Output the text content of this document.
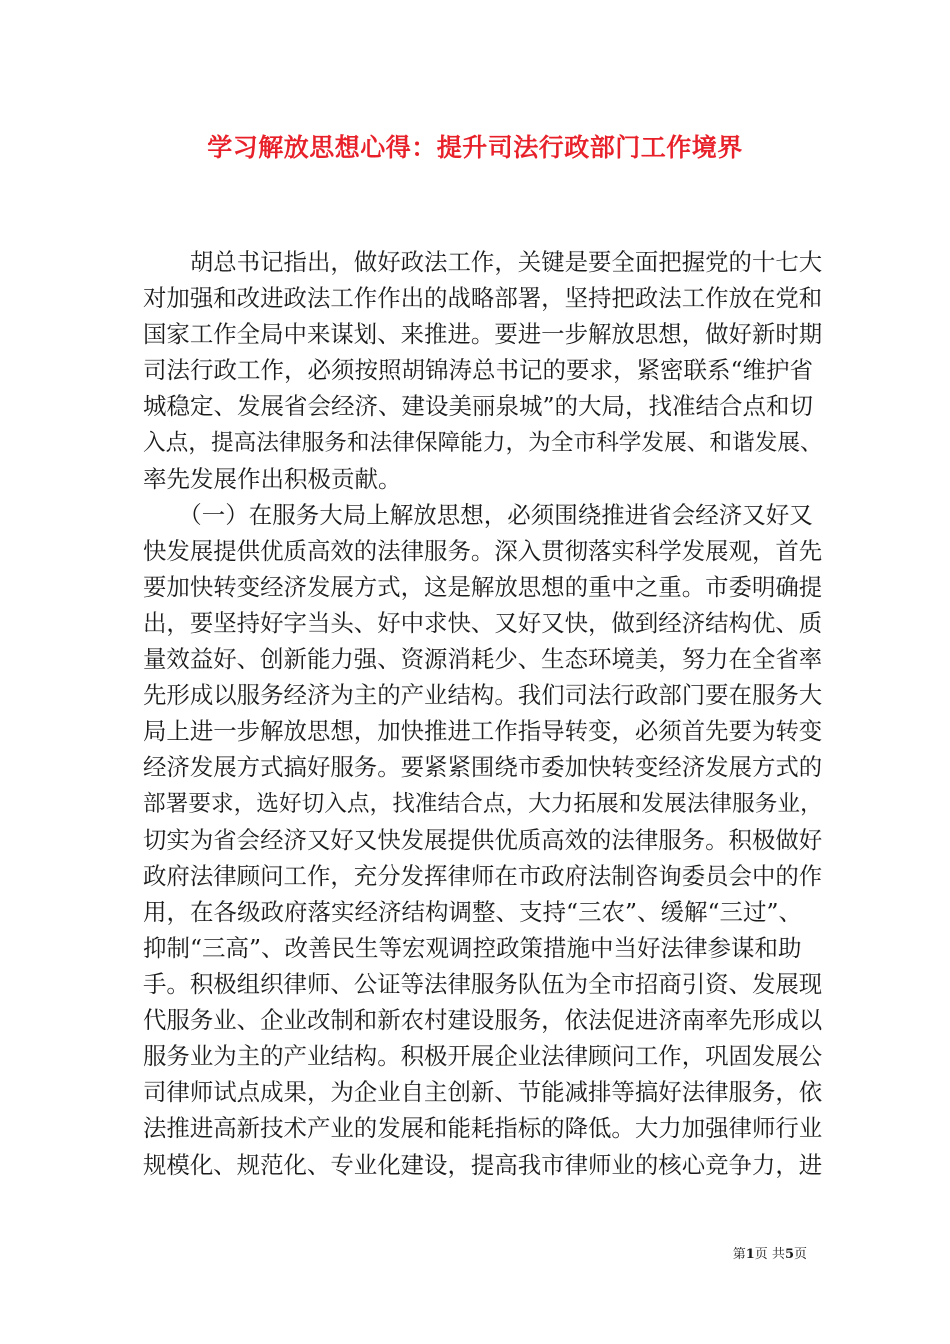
学习解放思想心得：提升司法行政部门工作境界
　　胡总书记指出，做好政法工作，关键是要全面把握党的十七大
对加强和改进政法工作作出的战略部署，坚持把政法工作放在党和
国家工作全局中来谋划、来推进。要进一步解放思想，做好新时期
司法行政工作，必须按照胡锦涛总书记的要求，紧密联系“维护省
城稳定、发展省会经济、建设美丽泉城”的大局，找准结合点和切
入点，提高法律服务和法律保障能力，为全市科学发展、和谐发展、
率先发展作出积极贡献。
　　（一）在服务大局上解放思想，必须围绕推进省会经济又好又
快发展提供优质高效的法律服务。深入贯彻落实科学发展观，首先
要加快转变经济发展方式，这是解放思想的重中之重。市委明确提
出，要坚持好字当头、好中求快、又好又快，做到经济结构优、质
量效益好、创新能力强、资源消耗少、生态环境美，努力在全省率
先形成以服务经济为主的产业结构。我们司法行政部门要在服务大
局上进一步解放思想，加快推进工作指导转变，必须首先要为转变
经济发展方式搞好服务。要紧紧围绕市委加快转变经济发展方式的
部署要求，选好切入点，找准结合点，大力拓展和发展法律服务业，
切实为省会经济又好又快发展提供优质高效的法律服务。积极做好
政府法律顾问工作，充分发挥律师在市政府法制咨询委员会中的作
用，在各级政府落实经济结构调整、支持“三农”、缓解“三过”、
抑制“三高”、改善民生等宏观调控政策措施中当好法律参谋和助
手。积极组织律师、公证等法律服务队伍为全市招商引资、发展现
代服务业、企业改制和新农村建设服务，依法促进济南率先形成以
服务业为主的产业结构。积极开展企业法律顾问工作，巩固发展公
司律师试点成果，为企业自主创新、节能减排等搞好法律服务，依
法推进高新技术产业的发展和能耗指标的降低。大力加强律师行业
规模化、规范化、专业化建设，提高我市律师业的核心竞争力，进
第1页 共5页
